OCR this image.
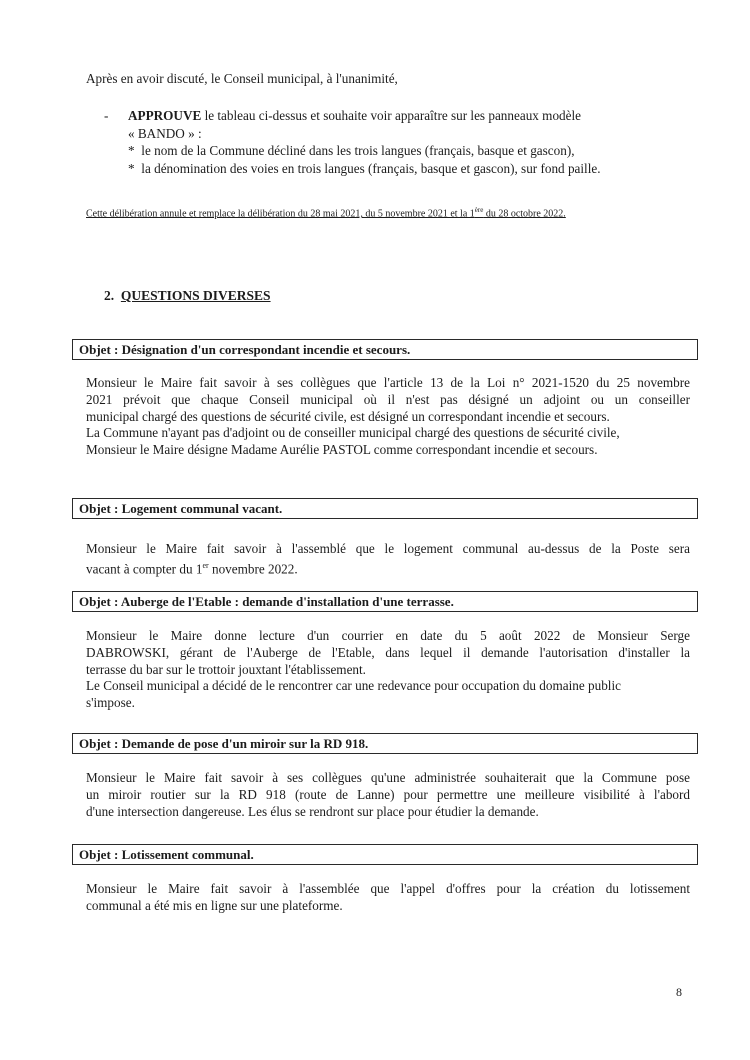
Après en avoir discuté, le Conseil municipal, à l'unanimité,

- APPROUVE le tableau ci-dessus et souhaite voir apparaître sur les panneaux modèle
« BANDO » :
* le nom de la Commune décliné dans les trois langues (français, basque et gascon),
* la dénomination des voies en trois langues (français, basque et gascon), sur fond paille.

Cette délibération annule et remplace la délibération du 28 mai 2021, du 5 novembre 2021 et la 1ère du 28 octobre 2022.

2. QUESTIONS DIVERSES

Objet : Désignation d'un correspondant incendie et secours.

Monsieur le Maire fait savoir à ses collègues que l'article 13 de la Loi n° 2021-1520 du 25 novembre
2021 prévoit que chaque Conseil municipal où il n'est pas désigné un adjoint ou un conseiller
municipal chargé des questions de sécurité civile, est désigné un correspondant incendie et secours.
La Commune n'ayant pas d'adjoint ou de conseiller municipal chargé des questions de sécurité civile,
Monsieur le Maire désigne Madame Aurélie PASTOL comme correspondant incendie et secours.

Objet : Logement communal vacant.

Monsieur le Maire fait savoir à l'assemblé que le logement communal au-dessus de la Poste sera
vacant à compter du 1er novembre 2022.

Objet : Auberge de l'Etable : demande d'installation d'une terrasse.

Monsieur le Maire donne lecture d'un courrier en date du 5 août 2022 de Monsieur Serge
DABROWSKI, gérant de l'Auberge de l'Etable, dans lequel il demande l'autorisation d'installer la
terrasse du bar sur le trottoir jouxtant l'établissement.
Le Conseil municipal a décidé de le rencontrer car une redevance pour occupation du domaine public
s'impose.

Objet : Demande de pose d'un miroir sur la RD 918.

Monsieur le Maire fait savoir à ses collègues qu'une administrée souhaiterait que la Commune pose
un miroir routier sur la RD 918 (route de Lanne) pour permettre une meilleure visibilité à l'abord
d'une intersection dangereuse. Les élus se rendront sur place pour étudier la demande.

Objet : Lotissement communal.

Monsieur le Maire fait savoir à l'assemblée que l'appel d'offres pour la création du lotissement
communal a été mis en ligne sur une plateforme.

8
